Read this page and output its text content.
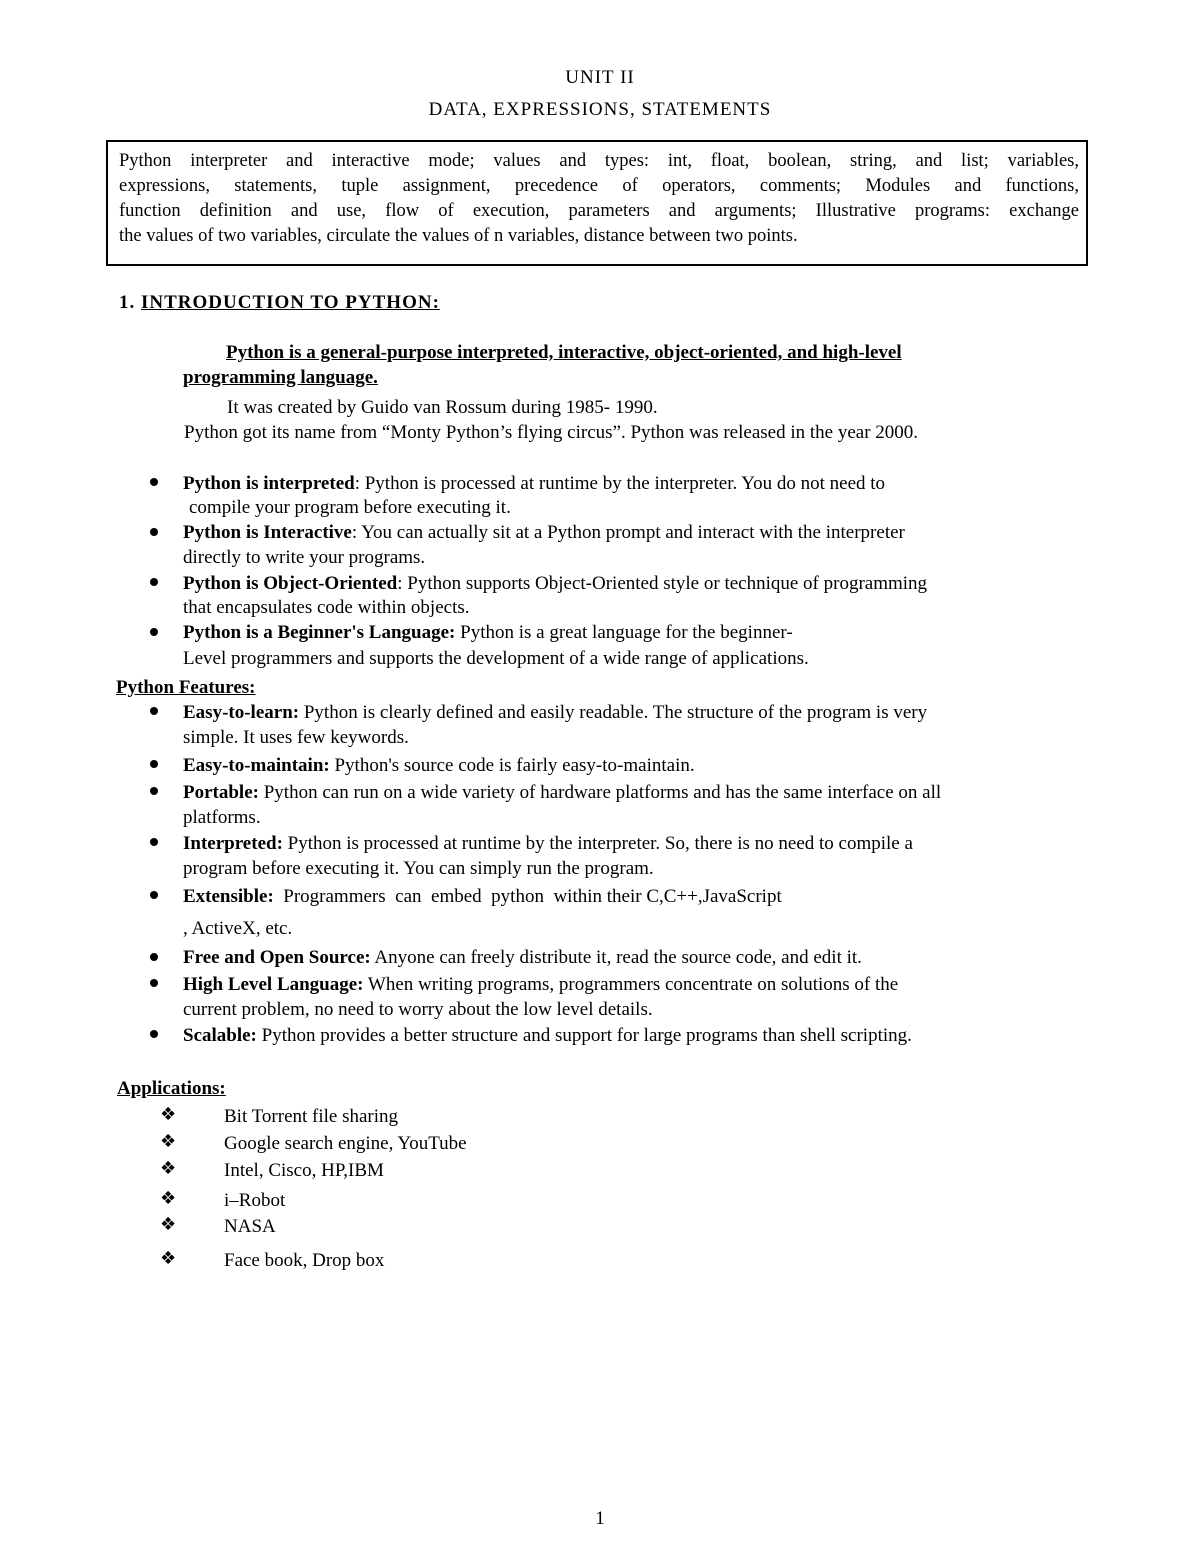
UNIT II
DATA, EXPRESSIONS, STATEMENTS
Python interpreter and interactive mode; values and types: int, float, boolean, string, and list; variables,
expressions, statements, tuple assignment, precedence of operators, comments; Modules and functions,
function definition and use, flow of execution, parameters and arguments; Illustrative programs: exchange
the values of two variables, circulate the values of n variables, distance between two points.
1. INTRODUCTION TO PYTHON:
Python is a general-purpose interpreted, interactive, object-oriented, and high-level
programming language.
It was created by Guido van Rossum during 1985- 1990.
Python got its name from “Monty Python’s flying circus”. Python was released in the year 2000.
Python is interpreted: Python is processed at runtime by the interpreter. You do not need to
compile your program before executing it.
Python is Interactive: You can actually sit at a Python prompt and interact with the interpreter
directly to write your programs.
Python is Object-Oriented: Python supports Object-Oriented style or technique of programming
that encapsulates code within objects.
Python is a Beginner's Language: Python is a great language for the beginner-
Level programmers and supports the development of a wide range of applications.
Python Features:
Easy-to-learn: Python is clearly defined and easily readable. The structure of the program is very
simple. It uses few keywords.
Easy-to-maintain: Python's source code is fairly easy-to-maintain.
Portable: Python can run on a wide variety of hardware platforms and has the same interface on all
platforms.
Interpreted: Python is processed at runtime by the interpreter. So, there is no need to compile a
program before executing it. You can simply run the program.
Extensible:  Programmers  can  embed  python  within their C,C++,JavaScript
, ActiveX, etc.
Free and Open Source: Anyone can freely distribute it, read the source code, and edit it.
High Level Language: When writing programs, programmers concentrate on solutions of the
current problem, no need to worry about the low level details.
Scalable: Python provides a better structure and support for large programs than shell scripting.
Applications:
❖	Bit Torrent file sharing
❖	Google search engine, YouTube
❖	Intel, Cisco, HP,IBM
❖	i–Robot
❖	NASA
❖	Face book, Drop box
1
